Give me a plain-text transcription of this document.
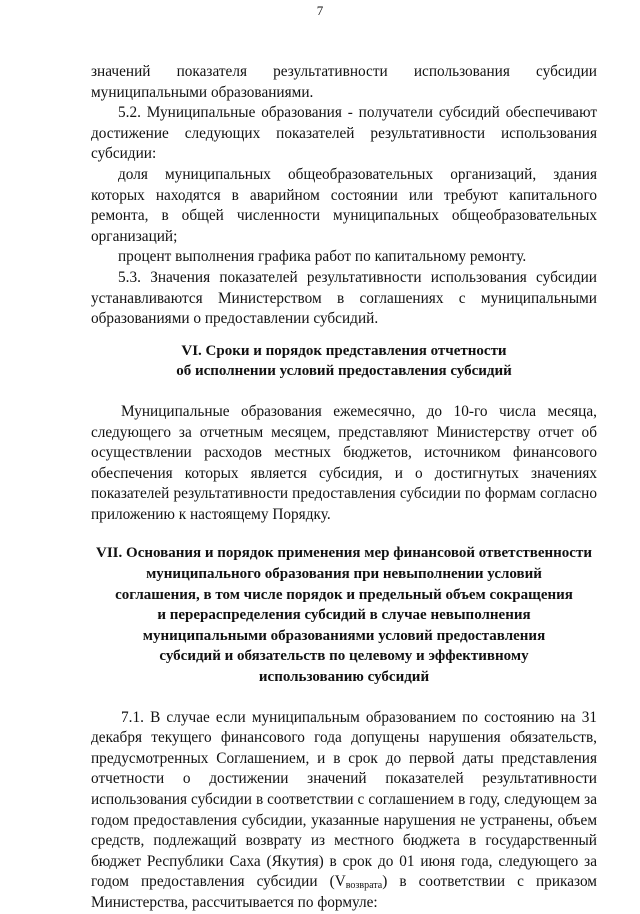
7

значений показателя результативности использования субсидии муниципальными образованиями.

5.2. Муниципальные образования - получатели субсидий обеспечивают достижение следующих показателей результативности использования субсидии:

доля муниципальных общеобразовательных организаций, здания которых находятся в аварийном состоянии или требуют капитального ремонта, в общей численности муниципальных общеобразовательных организаций;

процент выполнения графика работ по капитальному ремонту.

5.3. Значения показателей результативности использования субсидии устанавливаются Министерством в соглашениях с муниципальными образованиями о предоставлении субсидий.

VI. Сроки и порядок представления отчетности
об исполнении условий предоставления субсидий

Муниципальные образования ежемесячно, до 10-го числа месяца, следующего за отчетным месяцем, представляют Министерству отчет об осуществлении расходов местных бюджетов, источником финансового обеспечения которых является субсидия, и о достигнутых значениях показателей результативности предоставления субсидии по формам согласно приложению к настоящему Порядку.

VII. Основания и порядок применения мер финансовой ответственности
муниципального образования при невыполнении условий
соглашения, в том числе порядок и предельный объем сокращения
и перераспределения субсидий в случае невыполнения
муниципальными образованиями условий предоставления
субсидий и обязательств по целевому и эффективному
использованию субсидий

7.1. В случае если муниципальным образованием по состоянию на 31 декабря текущего финансового года допущены нарушения обязательств, предусмотренных Соглашением, и в срок до первой даты представления отчетности о достижении значений показателей результативности использования субсидии в соответствии с соглашением в году, следующем за годом предоставления субсидии, указанные нарушения не устранены, объем средств, подлежащий возврату из местного бюджета в государственный бюджет Республики Саха (Якутия) в срок до 01 июня года, следующего за годом предоставления субсидии $(V_{возврата})$ в соответствии с приказом Министерства, рассчитывается по формуле:
